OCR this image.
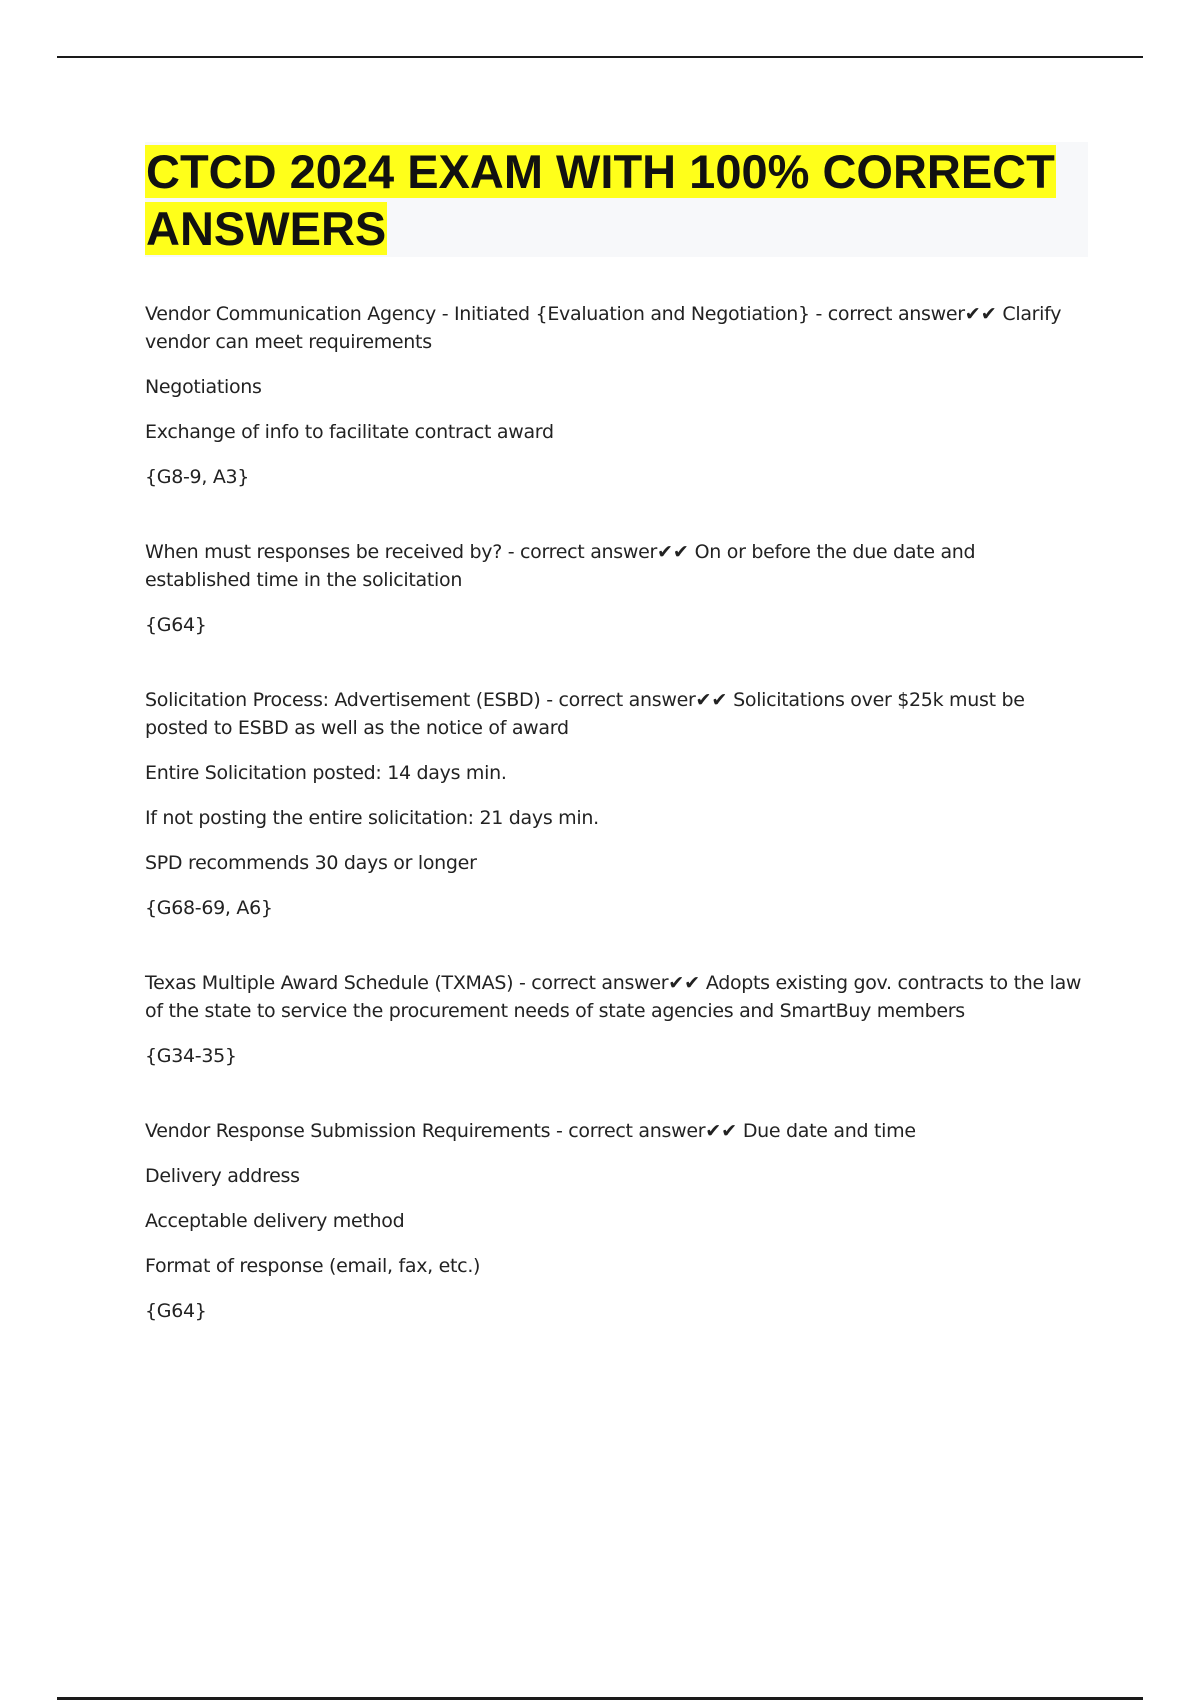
CTCD 2024 EXAM WITH 100% CORRECT ANSWERS

Vendor Communication Agency - Initiated {Evaluation and Negotiation} - correct answer✔✔ Clarify vendor can meet requirements

Negotiations

Exchange of info to facilitate contract award

{G8-9, A3}

When must responses be received by? - correct answer✔✔ On or before the due date and established time in the solicitation

{G64}

Solicitation Process: Advertisement (ESBD) - correct answer✔✔ Solicitations over $25k must be posted to ESBD as well as the notice of award

Entire Solicitation posted: 14 days min.

If not posting the entire solicitation: 21 days min.

SPD recommends 30 days or longer

{G68-69, A6}

Texas Multiple Award Schedule (TXMAS) - correct answer✔✔ Adopts existing gov. contracts to the law of the state to service the procurement needs of state agencies and SmartBuy members

{G34-35}

Vendor Response Submission Requirements - correct answer✔✔ Due date and time

Delivery address

Acceptable delivery method

Format of response (email, fax, etc.)

{G64}
